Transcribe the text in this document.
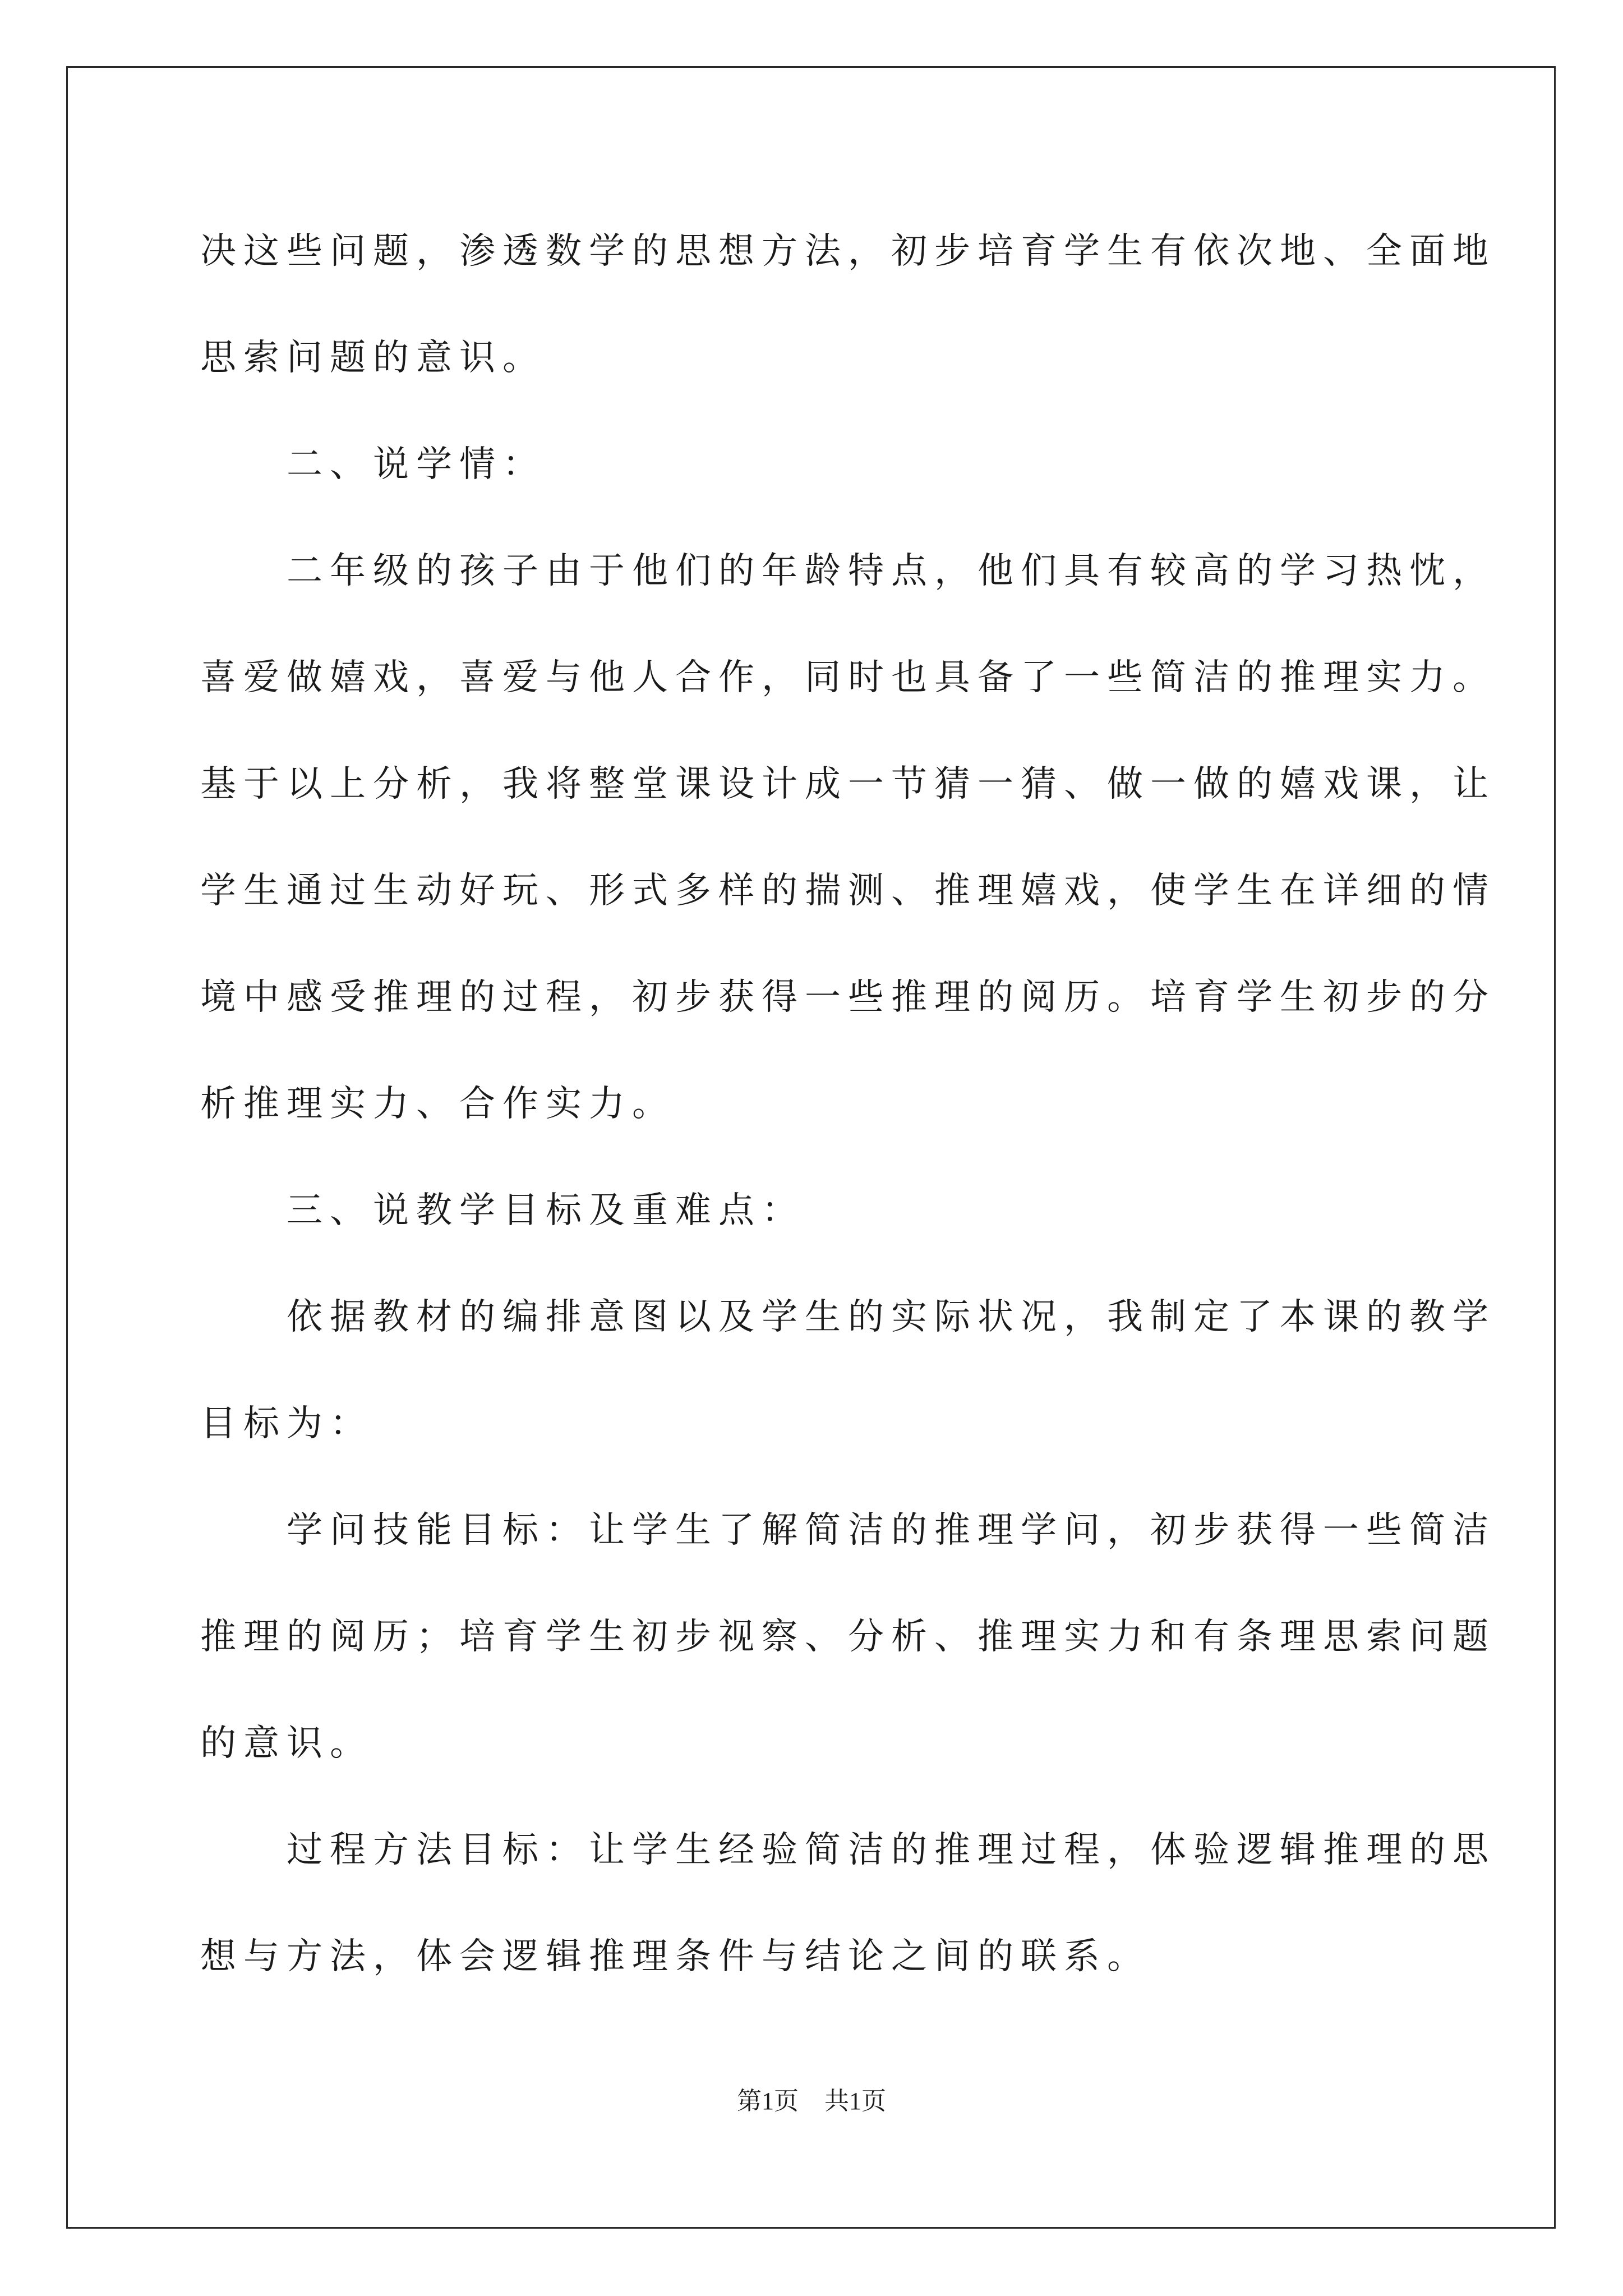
决这些问题，渗透数学的思想方法，初步培育学生有依次地、全面地
思索问题的意识。
　　二、说学情：
　　二年级的孩子由于他们的年龄特点，他们具有较高的学习热忱，
喜爱做嬉戏，喜爱与他人合作，同时也具备了一些简洁的推理实力。
基于以上分析，我将整堂课设计成一节猜一猜、做一做的嬉戏课，让
学生通过生动好玩、形式多样的揣测、推理嬉戏，使学生在详细的情
境中感受推理的过程，初步获得一些推理的阅历。培育学生初步的分
析推理实力、合作实力。
　　三、说教学目标及重难点：
　　依据教材的编排意图以及学生的实际状况，我制定了本课的教学
目标为：
　　学问技能目标：让学生了解简洁的推理学问，初步获得一些简洁
推理的阅历；培育学生初步视察、分析、推理实力和有条理思索问题
的意识。
　　过程方法目标：让学生经验简洁的推理过程，体验逻辑推理的思
想与方法，体会逻辑推理条件与结论之间的联系。
第1页 共1页
